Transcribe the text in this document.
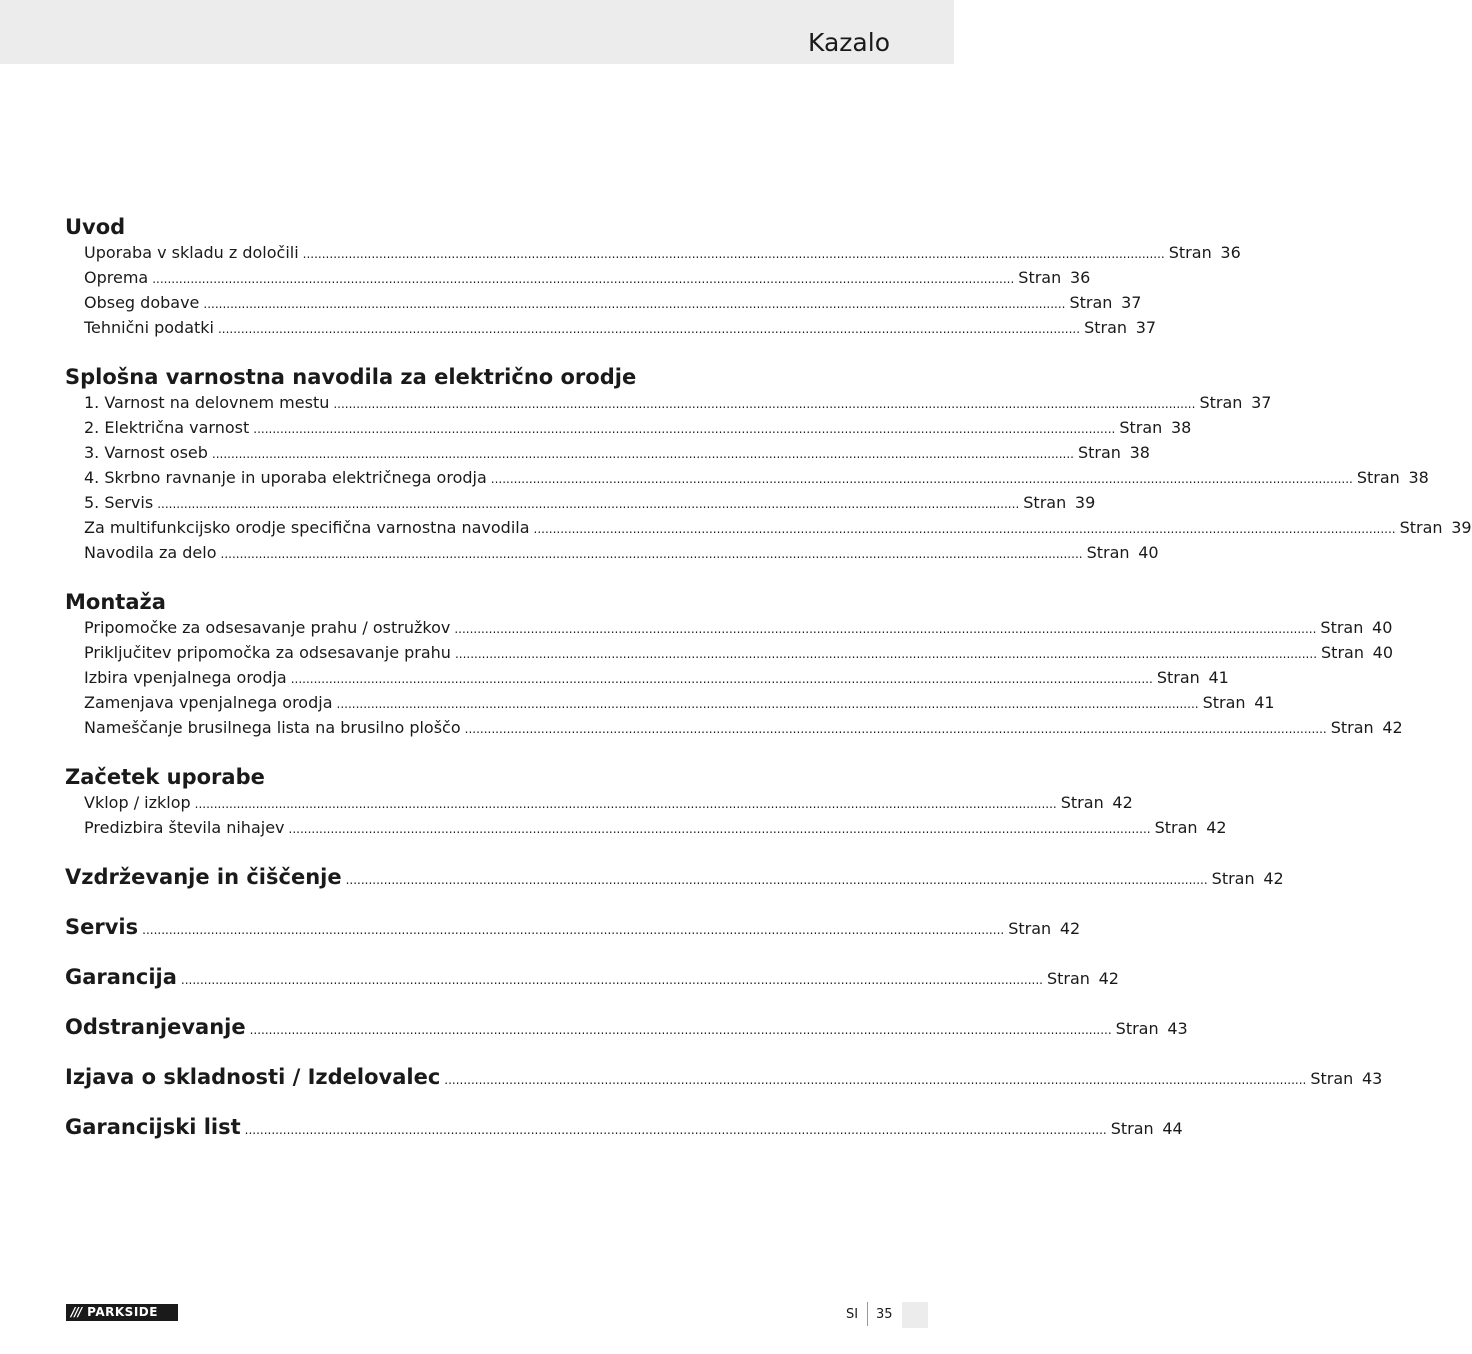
Kazalo
Uvod
Uporaba v skladu z določili .................................................................................................................................................................................................................................. Stran 36
Oprema .................................................................................................................................................................................................................................. Stran 36
Obseg dobave .................................................................................................................................................................................................................................. Stran 37
Tehnični podatki .................................................................................................................................................................................................................................. Stran 37
Splošna varnostna navodila za električno orodje
1. Varnost na delovnem mestu .................................................................................................................................................................................................................................. Stran 37
2. Električna varnost .................................................................................................................................................................................................................................. Stran 38
3. Varnost oseb .................................................................................................................................................................................................................................. Stran 38
4. Skrbno ravnanje in uporaba električnega orodja .................................................................................................................................................................................................................................. Stran 38
5. Servis .................................................................................................................................................................................................................................. Stran 39
Za multifunkcijsko orodje specifična varnostna navodila .................................................................................................................................................................................................................................. Stran 39
Navodila za delo .................................................................................................................................................................................................................................. Stran 40
Montaža
Pripomočke za odsesavanje prahu / ostružkov .................................................................................................................................................................................................................................. Stran 40
Priključitev pripomočka za odsesavanje prahu .................................................................................................................................................................................................................................. Stran 40
Izbira vpenjalnega orodja .................................................................................................................................................................................................................................. Stran 41
Zamenjava vpenjalnega orodja .................................................................................................................................................................................................................................. Stran 41
Nameščanje brusilnega lista na brusilno ploščo .................................................................................................................................................................................................................................. Stran 42
Začetek uporabe
Vklop / izklop .................................................................................................................................................................................................................................. Stran 42
Predizbira števila nihajev .................................................................................................................................................................................................................................. Stran 42
Vzdrževanje in čiščenje .................................................................................................................................................................................................................................. Stran 42
Servis .................................................................................................................................................................................................................................. Stran 42
Garancija .................................................................................................................................................................................................................................. Stran 42
Odstranjevanje .................................................................................................................................................................................................................................. Stran 43
Izjava o skladnosti / Izdelovalec .................................................................................................................................................................................................................................. Stran 43
Garancijski list .................................................................................................................................................................................................................................. Stran 44
/// PARKSIDE	SI 35
